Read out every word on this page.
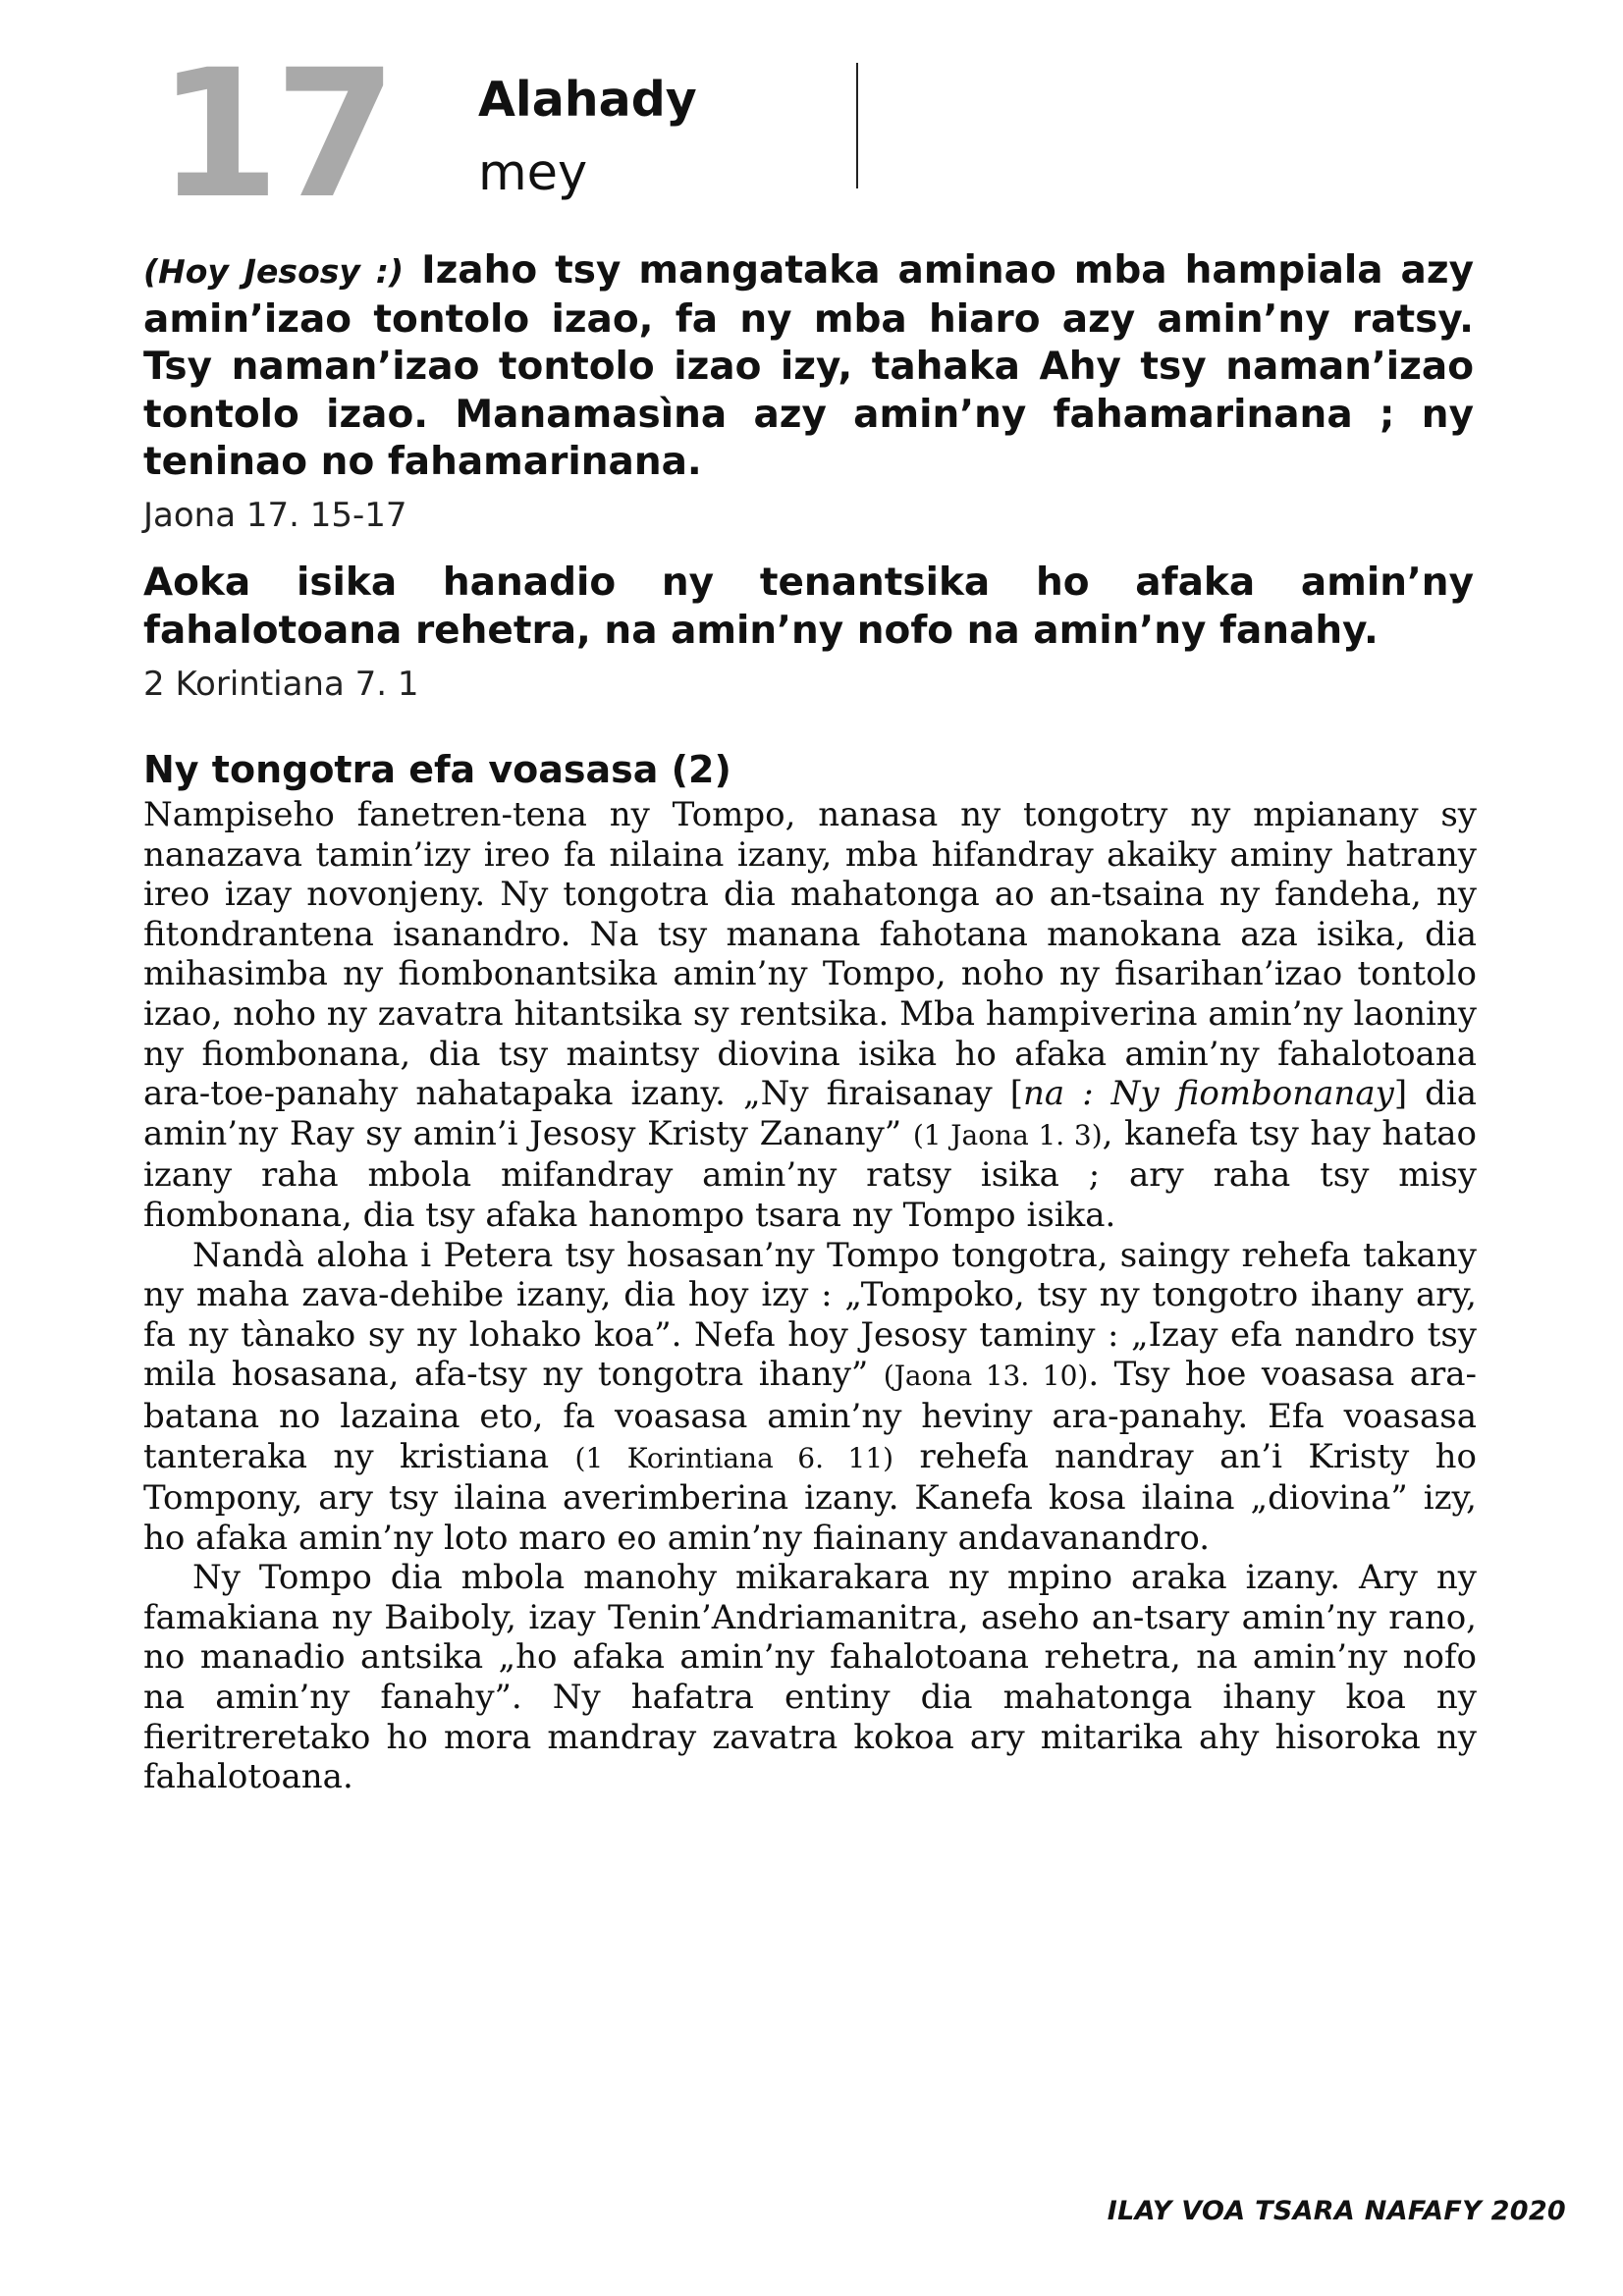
17 Alahady
mey
(Hoy Jesosy :) Izaho tsy mangataka aminao mba hampiala azy amin’izao tontolo izao, fa ny mba hiaro azy amin’ny ratsy. Tsy naman’izao tontolo izao izy, tahaka Ahy tsy naman’izao tontolo izao. Manamasìna azy amin’ny fahamarinana ; ny teninao no fahamarinana.
Jaona 17. 15-17
Aoka isika hanadio ny tenantsika ho afaka amin’ny fahalotoana rehetra, na amin’ny nofo na amin’ny fanahy.
2 Korintiana 7. 1
Ny tongotra efa voasasa (2)

Nampiseho fanetren-tena ny Tompo, nanasa ny tongotry ny mpianany sy nanazava tamin’izy ireo fa nilaina izany, mba hifandray akaiky aminy hatrany ireo izay novonjeny. Ny tongotra dia mahatonga ao an-tsaina ny fandeha, ny fitondrantena isanandro. Na tsy manana fahotana manokana aza isika, dia mihasimba ny fiombonantsika amin’ny Tompo, noho ny fisarihan’izao tontolo izao, noho ny zavatra hitantsika sy rentsika. Mba hampiverina amin’ny laoniny ny fiombonana, dia tsy maintsy diovina isika ho afaka amin’ny fahalotoana ara-toe-panahy nahatapaka izany. „Ny firaisanay [na : Ny fiombonanay] dia amin’ny Ray sy amin’i Jesosy Kristy Zanany” (1 Jaona 1. 3), kanefa tsy hay hatao izany raha mbola mifandray amin’ny ratsy isika ; ary raha tsy misy fiombonana, dia tsy afaka hanompo tsara ny Tompo isika.

Nandà aloha i Petera tsy hosasan’ny Tompo tongotra, saingy rehefa takany ny maha zava-dehibe izany, dia hoy izy : „Tompoko, tsy ny tongotro ihany ary, fa ny tànako sy ny lohako koa”. Nefa hoy Jesosy taminy : „Izay efa nandro tsy mila hosasana, afa-tsy ny tongotra ihany” (Jaona 13. 10). Tsy hoe voasasa ara-batana no lazaina eto, fa voasasa amin’ny heviny ara-panahy. Efa voasasa tanteraka ny kristiana (1 Korintiana 6. 11) rehefa nandray an’i Kristy ho Tompony, ary tsy ilaina averimberina izany. Kanefa kosa ilaina „diovina” izy, ho afaka amin’ny loto maro eo amin’ny fiainany andavanandro.

Ny Tompo dia mbola manohy mikarakara ny mpino araka izany. Ary ny famakiana ny Baiboly, izay Tenin’Andriamanitra, aseho an-tsary amin’ny rano, no manadio antsika „ho afaka amin’ny fahalotoana rehetra, na amin’ny nofo na amin’ny fanahy”. Ny hafatra entiny dia mahatonga ihany koa ny fieritreretako ho mora mandray zavatra kokoa ary mitarika ahy hisoroka ny fahalotoana.

ILAY VOA TSARA NAFAFY 2020
